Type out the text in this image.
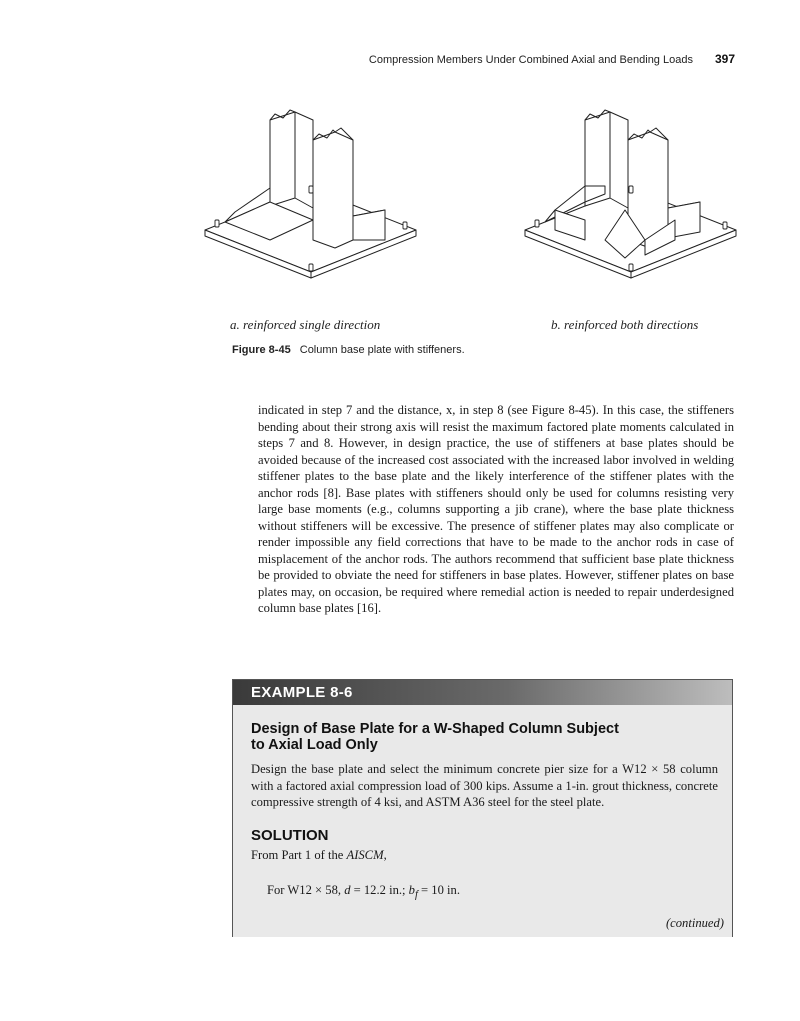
Compression Members Under Combined Axial and Bending Loads 397
a. reinforced single direction	b. reinforced both directions
Figure 8-45 Column base plate with stiffeners.
indicated in step 7 and the distance, x, in step 8 (see Figure 8-45). In this case, the stiffeners bending about their strong axis will resist the maximum factored plate moments calculated in steps 7 and 8. However, in design practice, the use of stiffeners at base plates should be avoided because of the increased cost associated with the increased labor involved in welding stiffener plates to the base plate and the likely interference of the stiffener plates with the anchor rods [8]. Base plates with stiffeners should only be used for columns resisting very large base moments (e.g., columns supporting a jib crane), where the base plate thickness without stiffeners will be excessive. The presence of stiffener plates may also complicate or render impossible any field corrections that have to be made to the anchor rods in case of misplacement of the anchor rods. The authors recommend that sufficient base plate thickness be provided to obviate the need for stiffeners in base plates. However, stiffener plates on base plates may, on occasion, be required where remedial action is needed to repair underdesigned column base plates [16].
EXAMPLE 8-6
Design of Base Plate for a W-Shaped Column Subject
to Axial Load Only
Design the base plate and select the minimum concrete pier size for a W12 × 58 column with a factored axial compression load of 300 kips. Assume a 1-in. grout thickness, concrete compressive strength of 4 ksi, and ASTM A36 steel for the steel plate.
SOLUTION
From Part 1 of the AISCM,
For W12 × 58, d = 12.2 in.; $b_f = 10$ in.
(continued)
